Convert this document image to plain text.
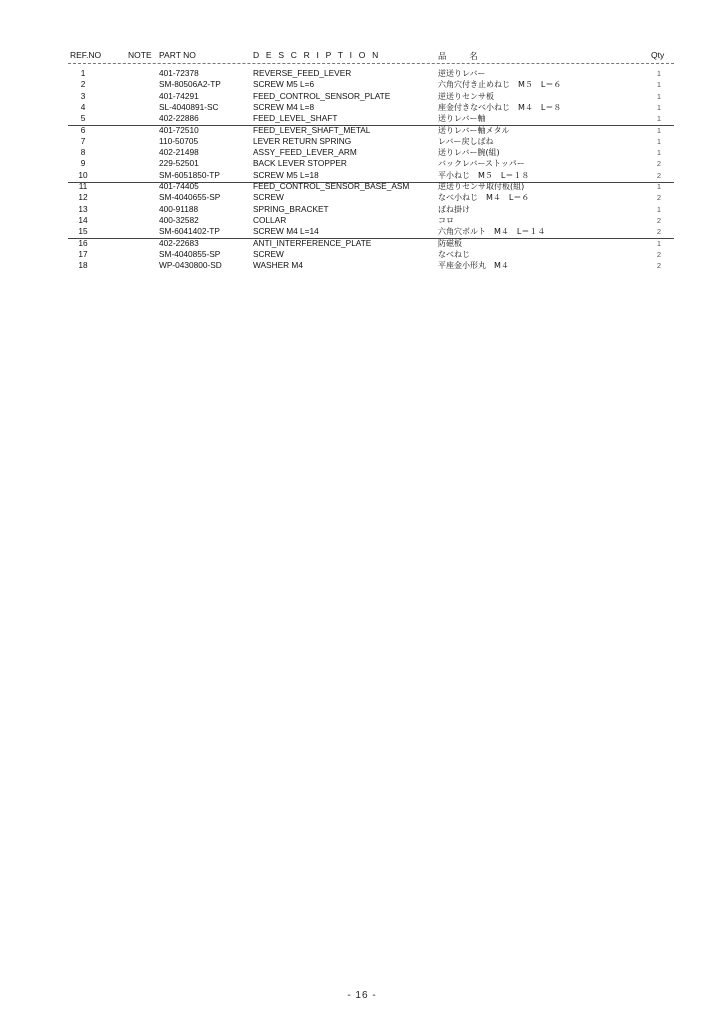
REF.NO	NOTE PART NO	D E S C R I P T I O N	品 名	Qty
1	401-72378	REVERSE_FEED_LEVER	逆送りレバー	1
2	SM-80506A2-TP	SCREW M5 L=6	六角穴付き止めねじ　M５　L＝６	1
3	401-74291	FEED_CONTROL_SENSOR_PLATE	逆送りセンサ板	1
4	SL-4040891-SC	SCREW M4 L=8	座金付きなべ小ねじ　M４　L＝８	1
5	402-22886	FEED_LEVEL_SHAFT	送りレバー軸	1
6	401-72510	FEED_LEVER_SHAFT_METAL	送りレバー軸メタル	1
7	110-50705	LEVER RETURN SPRING	レバー戻しばね	1
8	402-21498	ASSY_FEED_LEVER_ARM	送りレバー腕(組)	1
9	229-52501	BACK LEVER STOPPER	バックレバーストッパー	2
10	SM-6051850-TP	SCREW M5 L=18	平小ねじ　M５　L＝１８	2
11	401-74405	FEED_CONTROL_SENSOR_BASE_ASM	逆送りセンサ取付板(組)	1
12	SM-4040655-SP	SCREW	なべ小ねじ　M４　L＝６	2
13	400-91188	SPRING_BRACKET	ばね掛け	1
14	400-32582	COLLAR	コロ	2
15	SM-6041402-TP	SCREW M4 L=14	六角穴ボルト　M４　L＝１４	2
16	402-22683	ANTI_INTERFERENCE_PLATE	防磁板	1
17	SM-4040855-SP	SCREW	なべねじ	2
18	WP-0430800-SD	WASHER M4	平座金小形丸　M４	2
- 16 -
